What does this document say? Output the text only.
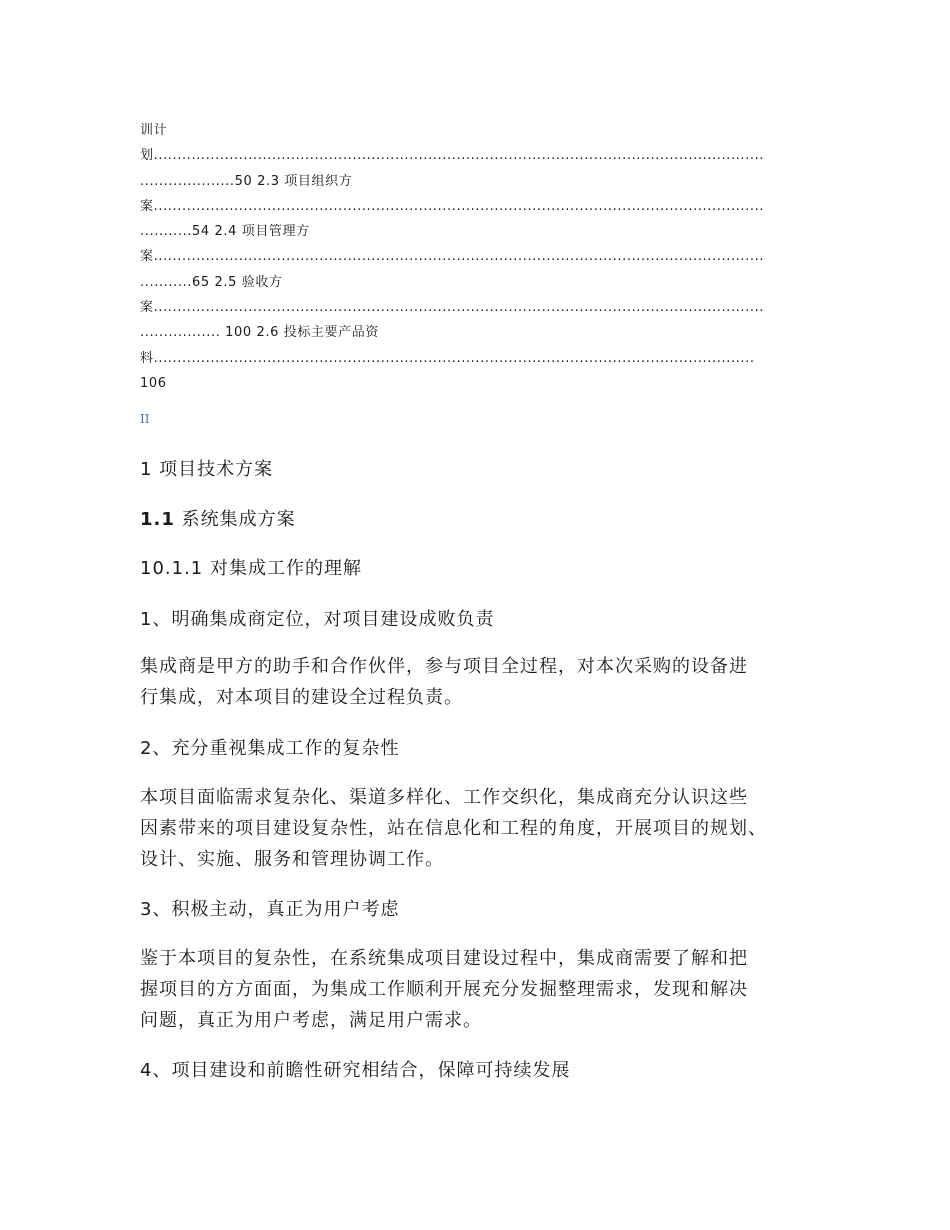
训计
划.................................................................................................................................
....................50 2.3 项目组织方
案.................................................................................................................................
...........54 2.4 项目管理方
案.................................................................................................................................
...........65 2.5 验收方
案.................................................................................................................................
................. 100 2.6 投标主要产品资
料...............................................................................................................................
106
II
1 项目技术方案
1.1 系统集成方案
10.1.1 对集成工作的理解
1、明确集成商定位，对项目建设成败负责
集成商是甲方的助手和合作伙伴，参与项目全过程，对本次采购的设备进
行集成，对本项目的建设全过程负责。
2、充分重视集成工作的复杂性
本项目面临需求复杂化、渠道多样化、工作交织化，集成商充分认识这些
因素带来的项目建设复杂性，站在信息化和工程的角度，开展项目的规划、
设计、实施、服务和管理协调工作。
3、积极主动，真正为用户考虑
鉴于本项目的复杂性，在系统集成项目建设过程中，集成商需要了解和把
握项目的方方面面，为集成工作顺利开展充分发掘整理需求，发现和解决
问题，真正为用户考虑，满足用户需求。
4、项目建设和前瞻性研究相结合，保障可持续发展
